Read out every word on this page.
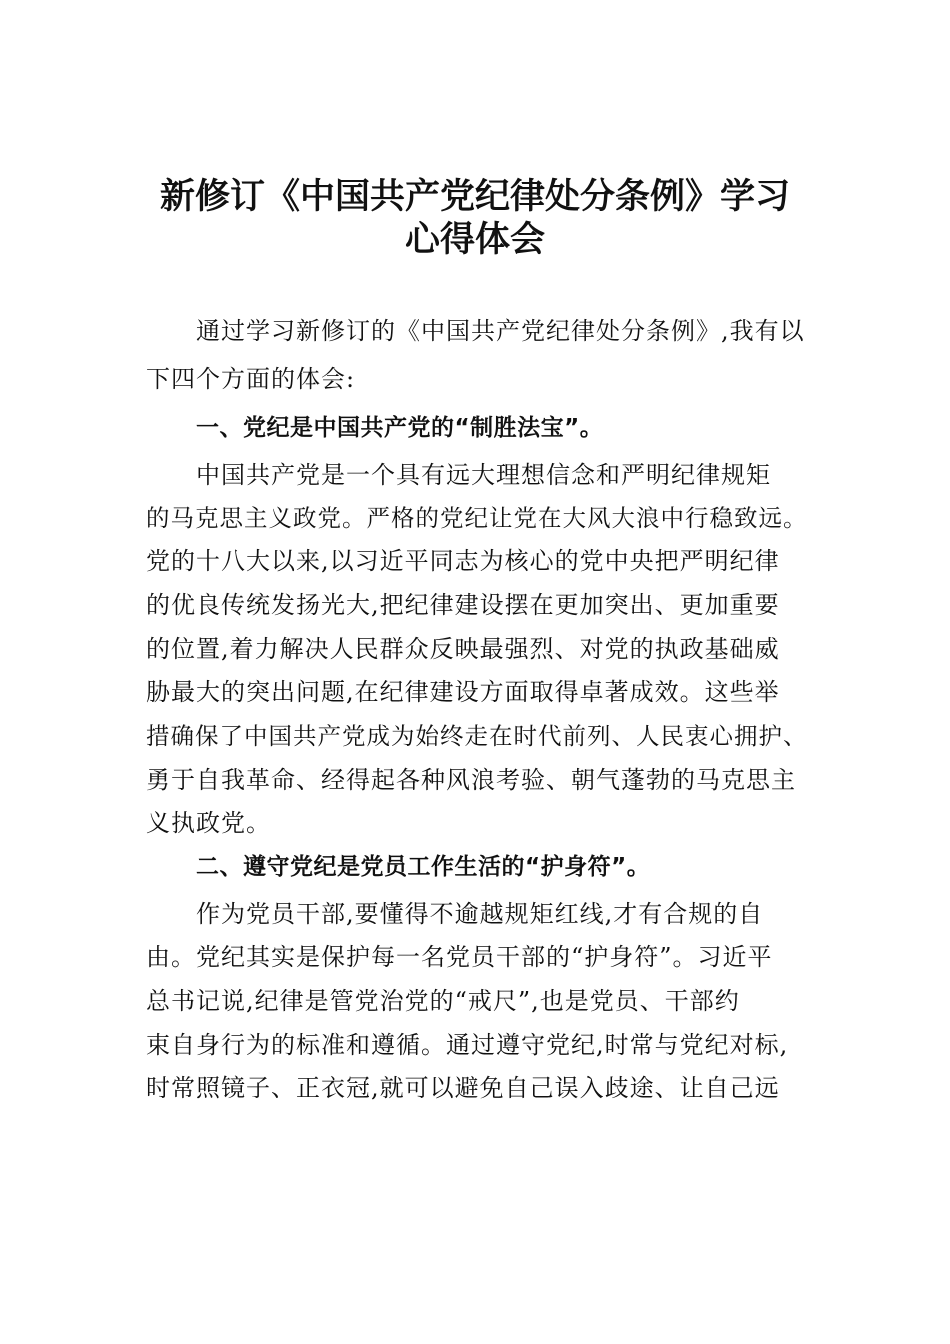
新修订《中国共产党纪律处分条例》学习
心得体会

通过学习新修订的《中国共产党纪律处分条例》,我有以

下四个方面的体会:

一、党纪是中国共产党的“制胜法宝”。

中国共产党是一个具有远大理想信念和严明纪律规矩

的马克思主义政党。严格的党纪让党在大风大浪中行稳致远。

党的十八大以来,以习近平同志为核心的党中央把严明纪律

的优良传统发扬光大,把纪律建设摆在更加突出、更加重要

的位置,着力解决人民群众反映最强烈、对党的执政基础威

胁最大的突出问题,在纪律建设方面取得卓著成效。这些举

措确保了中国共产党成为始终走在时代前列、人民衷心拥护、

勇于自我革命、经得起各种风浪考验、朝气蓬勃的马克思主

义执政党。

二、遵守党纪是党员工作生活的“护身符”。

作为党员干部,要懂得不逾越规矩红线,才有合规的自

由。党纪其实是保护每一名党员干部的“护身符”。习近平

总书记说,纪律是管党治党的“戒尺”,也是党员、干部约

束自身行为的标准和遵循。通过遵守党纪,时常与党纪对标,

时常照镜子、正衣冠,就可以避免自己误入歧途、让自己远
